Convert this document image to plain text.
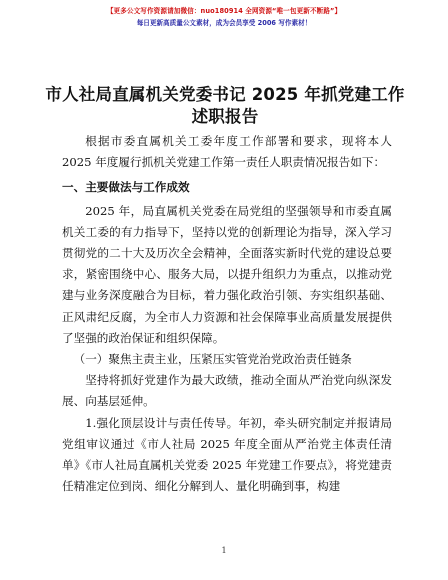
【更多公文写作资源请加微信：nuo180914 全网资源“唯一包更新不断路”】
每日更新高质量公文素材，成为会员享受 2006 写作素材！
市人社局直属机关党委书记 2025 年抓党建工作述职报告

根据市委直属机关工委年度工作部署和要求，现将本人 2025 年度履行抓机关党建工作第一责任人职责情况报告如下：

一、主要做法与工作成效

2025 年，局直属机关党委在局党组的坚强领导和市委直属机关工委的有力指导下，坚持以党的创新理论为指导，深入学习贯彻党的二十大及历次全会精神，全面落实新时代党的建设总要求，紧密围绕中心、服务大局，以提升组织力为重点，以推动党建与业务深度融合为目标，着力强化政治引领、夯实组织基础、正风肃纪反腐，为全市人力资源和社会保障事业高质量发展提供了坚强的政治保证和组织保障。

（一）聚焦主责主业，压紧压实管党治党政治责任链条

坚持将抓好党建作为最大政绩，推动全面从严治党向纵深发展、向基层延伸。

1.强化顶层设计与责任传导。年初，牵头研究制定并报请局党组审议通过《市人社局 2025 年度全面从严治党主体责任清单》《市人社局直属机关党委 2025 年党建工作要点》，将党建责任精准定位到岗、细化分解到人、量化明确到事，构建

1
